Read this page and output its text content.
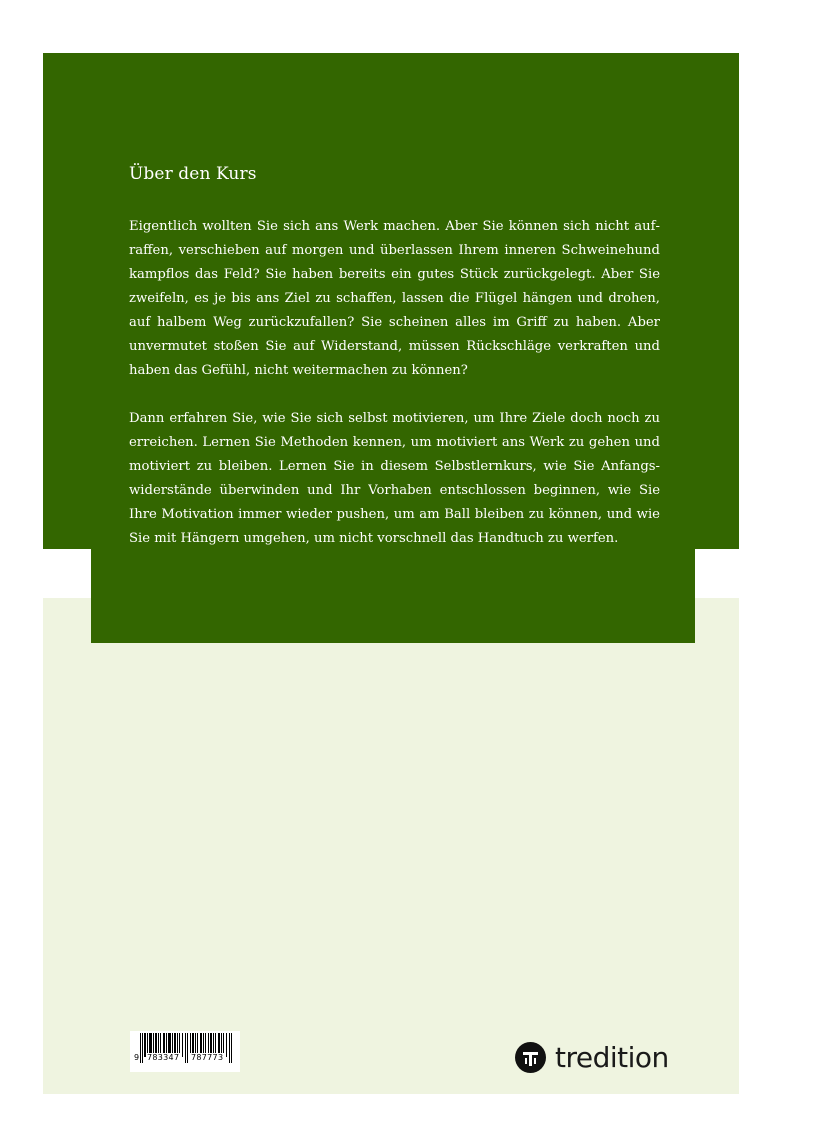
Über den Kurs

Eigentlich wollten Sie sich ans Werk machen. Aber Sie können sich nicht aufraffen, verschieben auf morgen und überlassen Ihrem inneren Schweinehund kampflos das Feld? Sie haben bereits ein gutes Stück zurückgelegt. Aber Sie zweifeln, es je bis ans Ziel zu schaffen, lassen die Flügel hängen und drohen, auf halbem Weg zurückzufallen? Sie scheinen alles im Griff zu haben. Aber unvermutet stoßen Sie auf Widerstand, müssen Rückschläge verkraften und haben das Gefühl, nicht weitermachen zu können?

Dann erfahren Sie, wie Sie sich selbst motivieren, um Ihre Ziele doch noch zu erreichen. Lernen Sie Methoden kennen, um motiviert ans Werk zu gehen und motiviert zu bleiben. Lernen Sie in diesem Selbstlernkurs, wie Sie Anfangswiderstände überwinden und Ihr Vorhaben entschlossen beginnen, wie Sie Ihre Motivation immer wieder pushen, um am Ball bleiben zu können, und wie Sie mit Hängern umgehen, um nicht vorschnell das Handtuch zu werfen.

9 783347 787773	tredition
